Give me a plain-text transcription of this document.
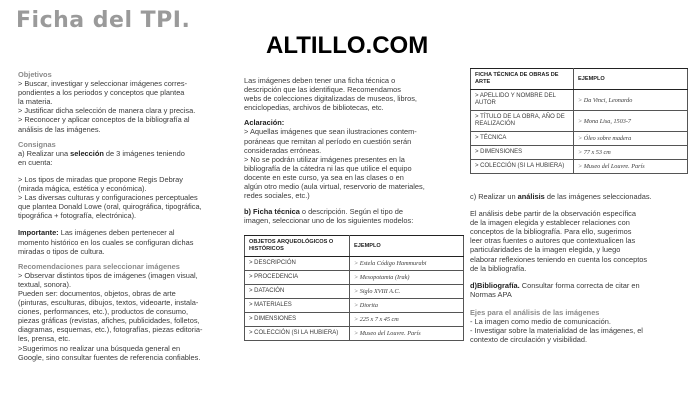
Ficha del TPI.
ALTILLO.COM

Objetivos

> Buscar, investigar y seleccionar imágenes corres-

pondientes a los periodos y conceptos que plantea

la materia.

> Justificar dicha selección de manera clara y precisa.

> Reconocer y aplicar conceptos de la bibliografía al

análisis de las imágenes.

Consignas

a) Realizar una selección de 3 imágenes teniendo

en cuenta:

> Los tipos de miradas que propone Regis Debray

(mirada mágica, estética y económica).

> Las diversas culturas y configuraciones perceptuales

que plantea Donald Lowe (oral, quirográfica, tipográfica,

tipográfica + fotografía, electrónica).

Importante: Las imágenes deben pertenecer al

momento histórico en los cuales se configuran dichas

miradas o tipos de cultura.

Recomendaciones para seleccionar imágenes

> Observar distintos tipos de imágenes (imagen visual,

textual, sonora).

Pueden ser: documentos, objetos, obras de arte

(pinturas, esculturas, dibujos, textos, videoarte, instala-

ciones, performances, etc.), productos de consumo,

piezas gráficas (revistas, afiches, publicidades, folletos,

diagramas, esquemas, etc.), fotografías, piezas editoria-

les, prensa, etc.

>Sugerimos no realizar una búsqueda general en

Google, sino consultar fuentes de referencia confiables.

Las imágenes deben tener una ficha técnica o

descripción que las identifique. Recomendamos

webs de colecciones digitalizadas de museos, libros,

enciclopedias, archivos de bibliotecas, etc.

Aclaración:

> Aquellas imágenes que sean ilustraciones contem-

poráneas que remitan al período en cuestión serán

consideradas erróneas.

> No se podrán utilizar imágenes presentes en la

bibliografía de la cátedra ni las que utilice el equipo

docente en este curso, ya sea en las clases o en

algún otro medio (aula virtual, reservorio de materiales,

redes sociales, etc.)

b) Ficha técnica o descripción. Según el tipo de

imagen, seleccionar uno de los siguientes modelos:

OBJETOS ARQUEOLÓGICOS O HISTÓRICOS	EJEMPLO
> DESCRIPCIÓN	> Estela Código Hammurabi
> PROCEDENCIA	> Mesopotamia (Irak)
> DATACIÓN	> Siglo XVIII A.C.
> MATERIALES	> Diorita
> DIMENSIONES	> 225 x 7 x 45 cm
> COLECCIÓN (SI LA HUBIERA)	> Museo del Louvre. París
FICHA TÉCNICA DE OBRAS DE ARTE	EJEMPLO
> APELLIDO Y NOMBRE DEL AUTOR	> Da Vinci, Leonardo
> TÍTULO DE LA OBRA, AÑO DE REALIZACIÓN	> Mona Lisa, 1503-7
> TÉCNICA	> Óleo sobre madera
> DIMENSIONES	> 77 x 53 cm
> COLECCIÓN (SI LA HUBIERA)	> Museo del Louvre. París

c) Realizar un análisis de las imágenes seleccionadas.

El análisis debe partir de la observación específica

de la imagen elegida y establecer relaciones con

conceptos de la bibliografía. Para ello, sugerimos

leer otras fuentes o autores que contextualicen las

particularidades de la imagen elegida, y luego

elaborar reflexiones teniendo en cuenta los conceptos

de la bibliografía.

d)Bibliografía. Consultar forma correcta de citar en

Normas APA

Ejes para el análisis de las imágenes

- La imagen como medio de comunicación.

- Investigar sobre la materialidad de las imágenes, el

contexto de circulación y visibilidad.
